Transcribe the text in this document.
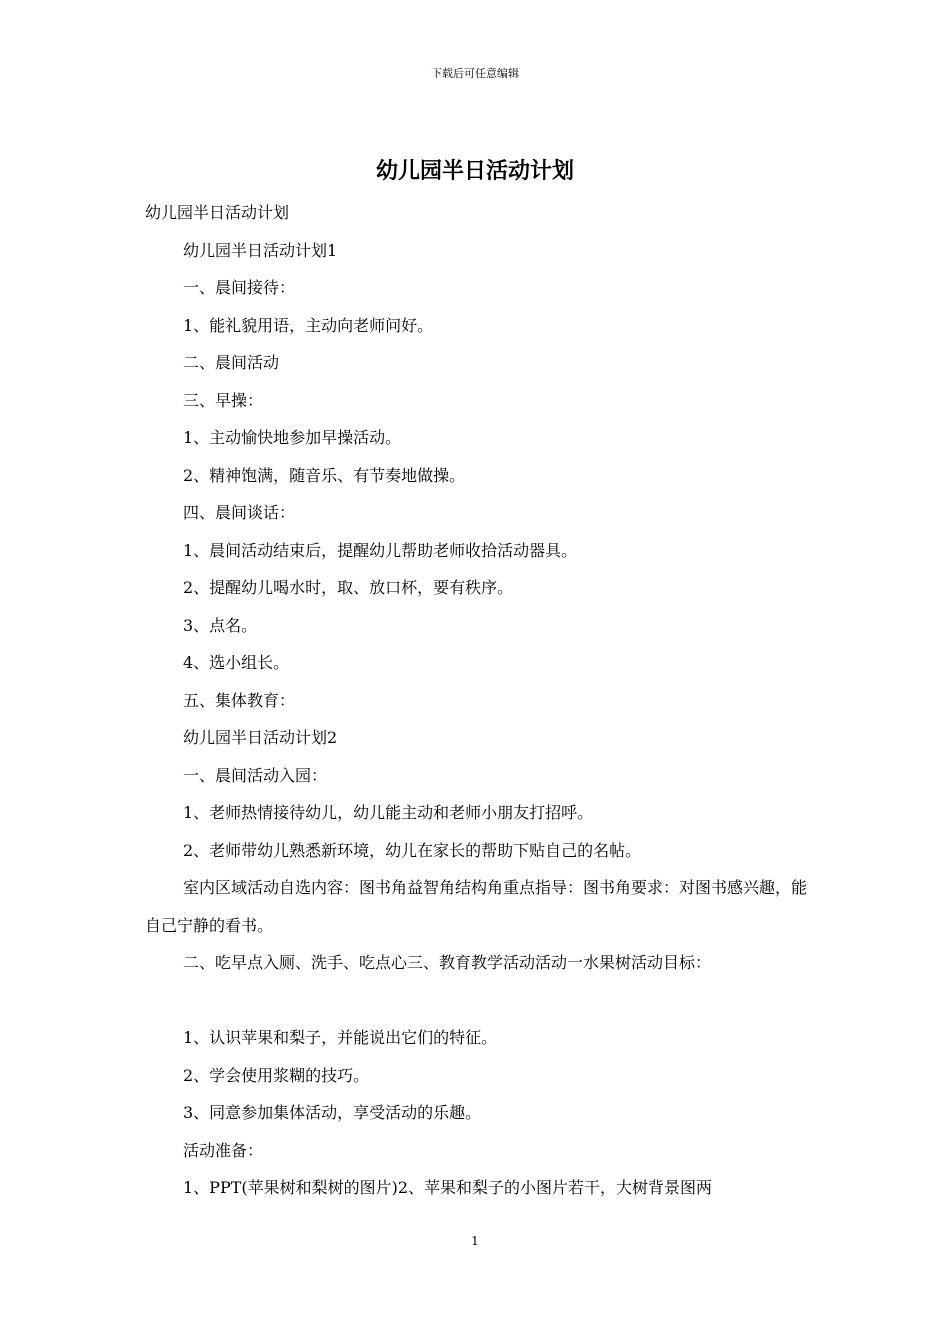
下载后可任意编辑
幼儿园半日活动计划

幼儿园半日活动计划

幼儿园半日活动计划1

一、晨间接待：

1、能礼貌用语，主动向老师问好。

二、晨间活动

三、早操：

1、主动愉快地参加早操活动。

2、精神饱满，随音乐、有节奏地做操。

四、晨间谈话：

1、晨间活动结束后，提醒幼儿帮助老师收拾活动器具。

2、提醒幼儿喝水时，取、放口杯，要有秩序。

3、点名。

4、选小组长。

五、集体教育：

幼儿园半日活动计划2

一、晨间活动入园：

1、老师热情接待幼儿，幼儿能主动和老师小朋友打招呼。

2、老师带幼儿熟悉新环境，幼儿在家长的帮助下贴自己的名帖。

室内区域活动自选内容：图书角益智角结构角重点指导：图书角要求：对图书感兴趣，能自己宁静的看书。

二、吃早点入厕、洗手、吃点心三、教育教学活动活动一水果树活动目标：

1、认识苹果和梨子，并能说出它们的特征。

2、学会使用浆糊的技巧。

3、同意参加集体活动，享受活动的乐趣。

活动准备：

1、PPT(苹果树和梨树的图片)2、苹果和梨子的小图片若干，大树背景图两

1
